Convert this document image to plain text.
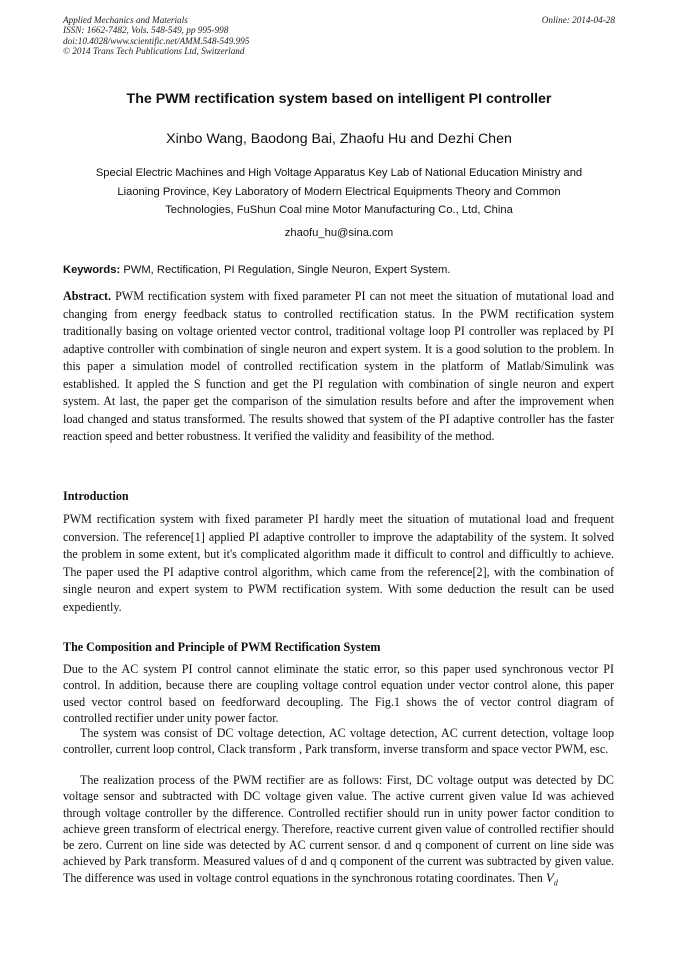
Applied Mechanics and Materials
ISSN: 1662-7482, Vols. 548-549, pp 995-998
doi:10.4028/www.scientific.net/AMM.548-549.995
© 2014 Trans Tech Publications Ltd, Switzerland
Online: 2014-04-28
The PWM rectification system based on intelligent PI controller
Xinbo Wang, Baodong Bai, Zhaofu Hu and Dezhi Chen
Special Electric Machines and High Voltage Apparatus Key Lab of National Education Ministry and
Liaoning Province, Key Laboratory of Modern Electrical Equipments Theory and Common
Technologies, FuShun Coal mine Motor Manufacturing Co., Ltd, China
zhaofu_hu@sina.com
Keywords: PWM, Rectification, PI Regulation, Single Neuron, Expert System.

Abstract. PWM rectification system with fixed parameter PI can not meet the situation of mutational load and changing from energy feedback status to controlled rectification status. In the PWM rectification system traditionally basing on voltage oriented vector control, traditional voltage loop PI controller was replaced by PI adaptive controller with combination of single neuron and expert system. It is a good solution to the problem. In this paper a simulation model of controlled rectification system in the platform of Matlab/Simulink was established. It appled the S function and get the PI regulation with combination of single neuron and expert system. At last, the paper get the comparison of the simulation results before and after the improvement when load changed and status transformed. The results showed that system of the PI adaptive controller has the faster reaction speed and better robustness. It verified the validity and feasibility of the method.

Introduction

PWM rectification system with fixed parameter PI hardly meet the situation of mutational load and frequent conversion. The reference[1] applied PI adaptive controller to improve the adaptability of the system. It solved the problem in some extent, but it's complicated algorithm made it difficult to control and difficultly to achieve. The paper used the PI adaptive control algorithm, which came from the reference[2], with the combination of single neuron and expert system to PWM rectification system. With some deduction the result can be used expediently.

The Composition and Principle of PWM Rectification System

Due to the AC system PI control cannot eliminate the static error, so this paper used synchronous vector PI control. In addition, because there are coupling voltage control equation under vector control alone, this paper used vector control based on feedforward decoupling. The Fig.1 shows the of vector control diagram of controlled rectifier under unity power factor.

The system was consist of DC voltage detection, AC voltage detection, AC current detection, voltage loop controller, current loop control, Clack transform , Park transform, inverse transform and space vector PWM, esc.

The realization process of the PWM rectifier are as follows: First, DC voltage output was detected by DC voltage sensor and subtracted with DC voltage given value. The active current given value Id was achieved through voltage controller by the difference. Controlled rectifier should run in unity power factor condition to achieve green transform of electrical energy. Therefore, reactive current given value of controlled rectifier should be zero. Current on line side was detected by AC current sensor. d and q component of current on line side was achieved by Park transform. Measured values of d and q component of the current was subtracted by given value. The difference was used in voltage control equations in the synchronous rotating coordinates. Then $V_d$
